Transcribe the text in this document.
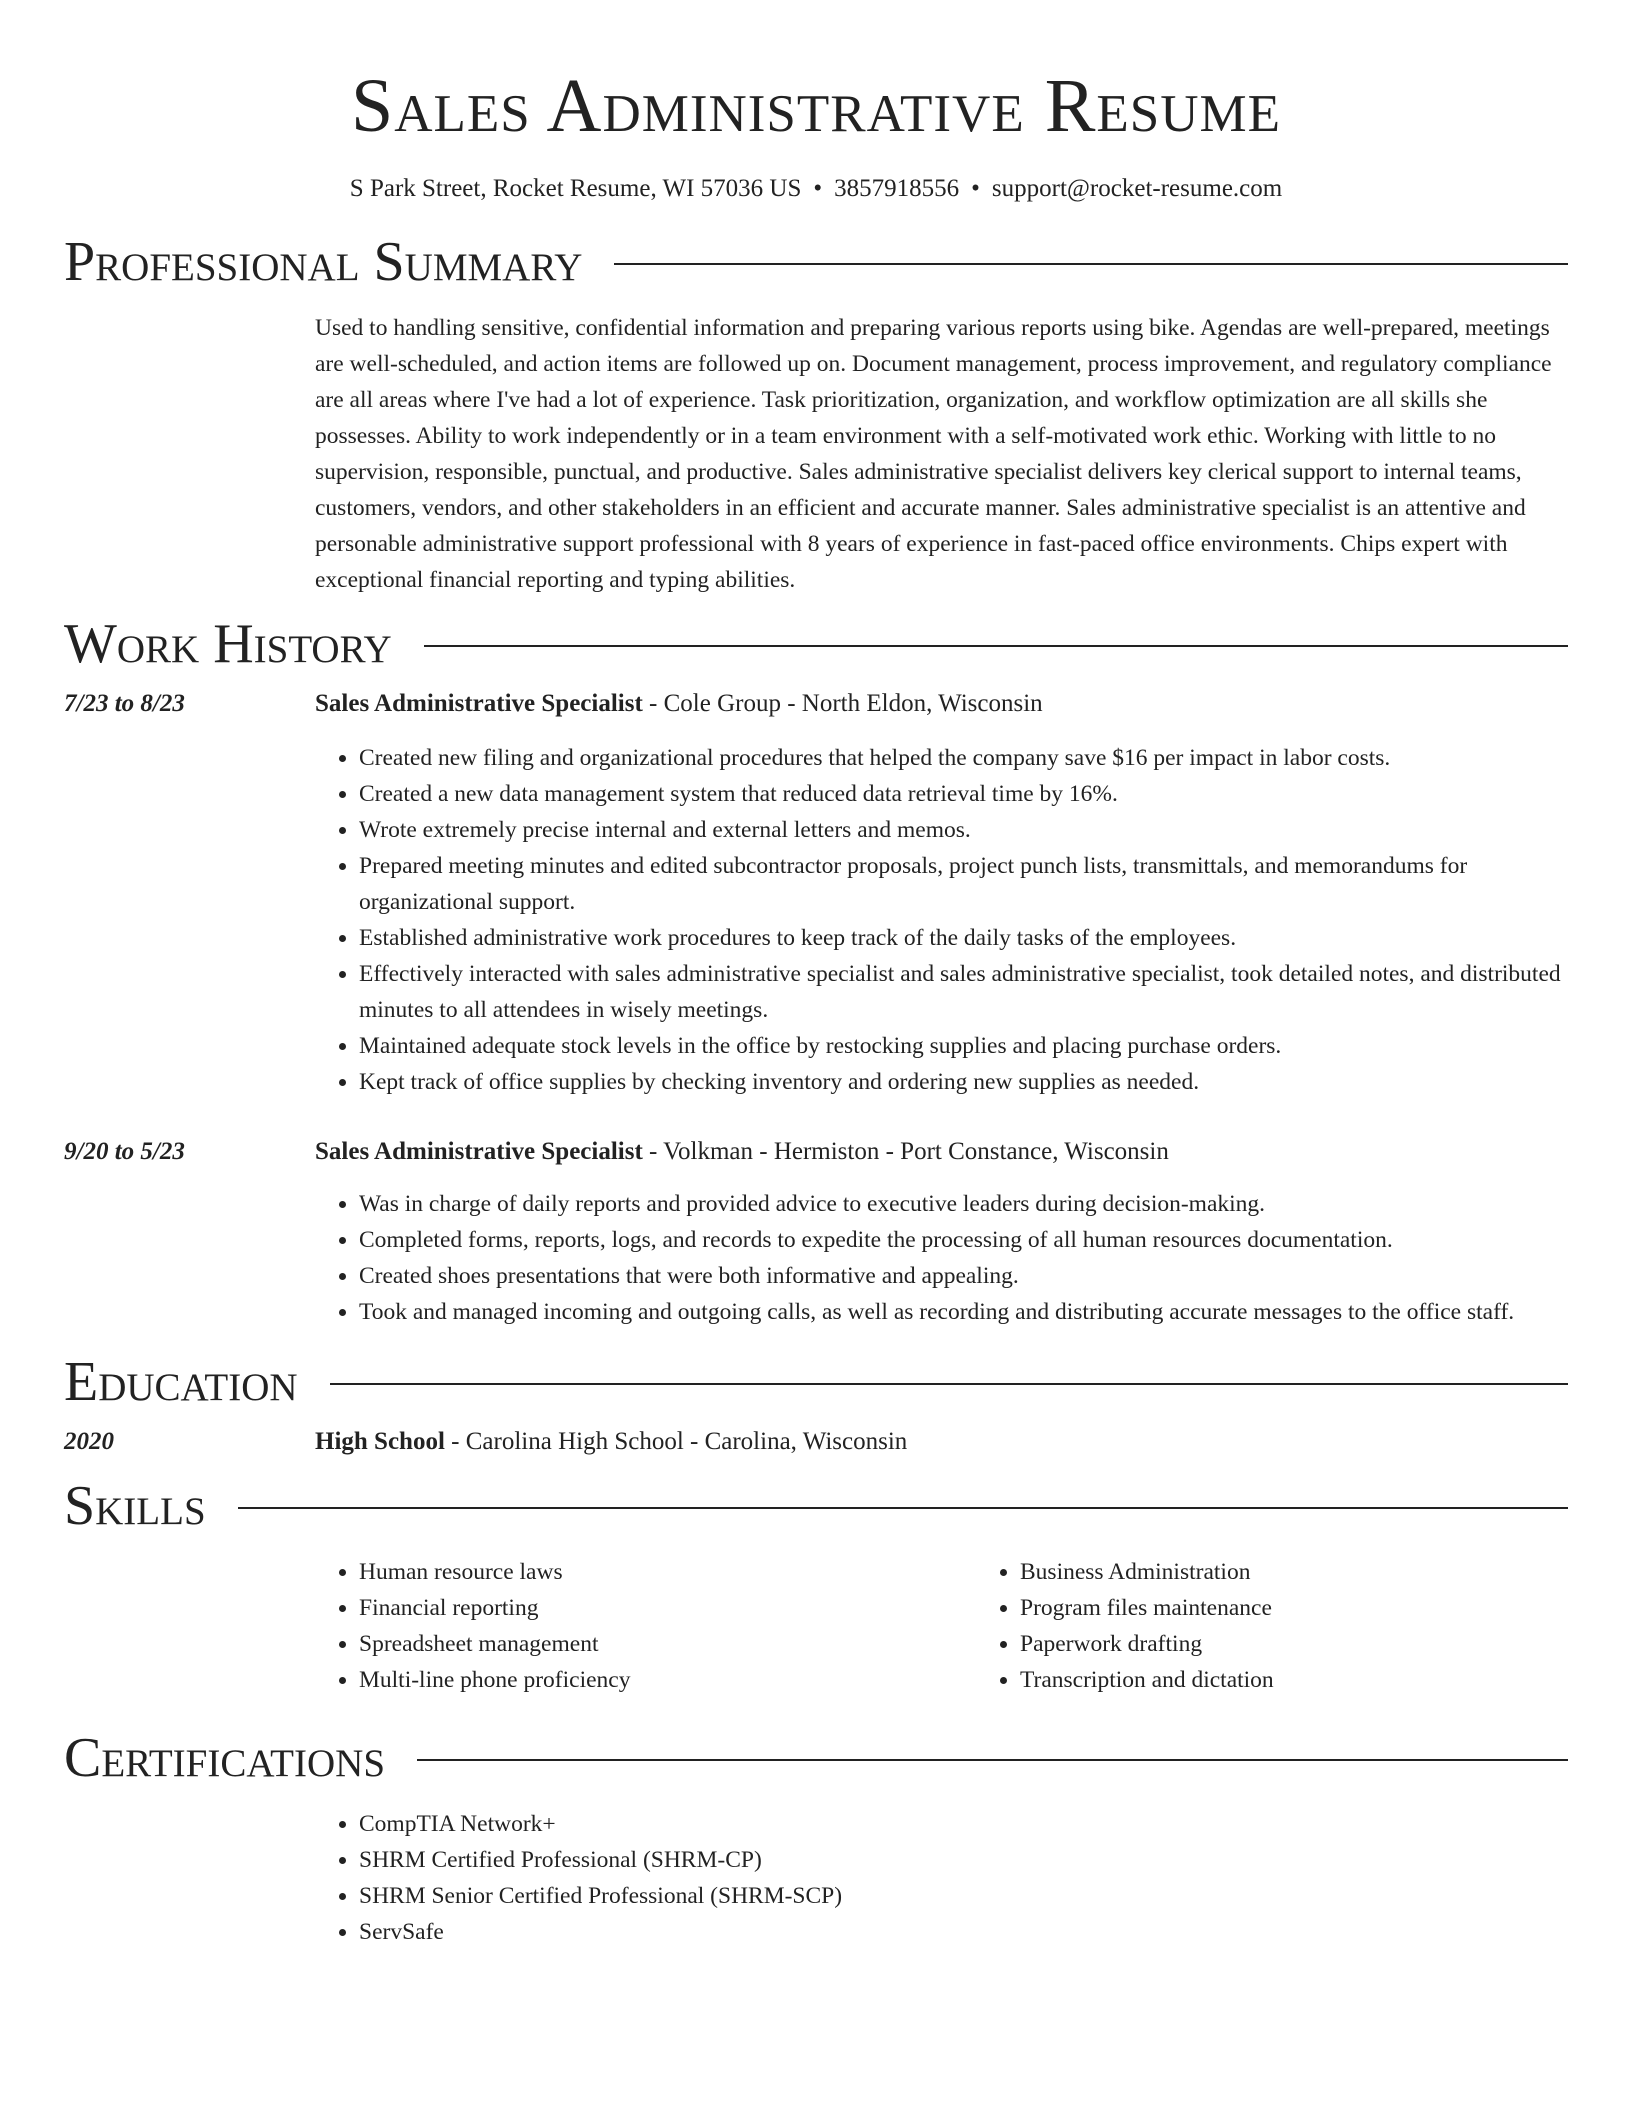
Sales Administrative Resume
S Park Street, Rocket Resume, WI 57036 US • 3857918556 • support@rocket-resume.com
Professional Summary
Used to handling sensitive, confidential information and preparing various reports using bike. Agendas are well-prepared, meetings are well-scheduled, and action items are followed up on. Document management, process improvement, and regulatory compliance are all areas where I've had a lot of experience. Task prioritization, organization, and workflow optimization are all skills she possesses. Ability to work independently or in a team environment with a self-motivated work ethic. Working with little to no supervision, responsible, punctual, and productive. Sales administrative specialist delivers key clerical support to internal teams, customers, vendors, and other stakeholders in an efficient and accurate manner. Sales administrative specialist is an attentive and personable administrative support professional with 8 years of experience in fast-paced office environments. Chips expert with exceptional financial reporting and typing abilities.
Work History
7/23 to 8/23	Sales Administrative Specialist - Cole Group - North Eldon, Wisconsin
• Created new filing and organizational procedures that helped the company save $16 per impact in labor costs.
• Created a new data management system that reduced data retrieval time by 16%.
• Wrote extremely precise internal and external letters and memos.
• Prepared meeting minutes and edited subcontractor proposals, project punch lists, transmittals, and memorandums for organizational support.
• Established administrative work procedures to keep track of the daily tasks of the employees.
• Effectively interacted with sales administrative specialist and sales administrative specialist, took detailed notes, and distributed minutes to all attendees in wisely meetings.
• Maintained adequate stock levels in the office by restocking supplies and placing purchase orders.
• Kept track of office supplies by checking inventory and ordering new supplies as needed.
9/20 to 5/23	Sales Administrative Specialist - Volkman - Hermiston - Port Constance, Wisconsin
• Was in charge of daily reports and provided advice to executive leaders during decision-making.
• Completed forms, reports, logs, and records to expedite the processing of all human resources documentation.
• Created shoes presentations that were both informative and appealing.
• Took and managed incoming and outgoing calls, as well as recording and distributing accurate messages to the office staff.
Education
2020	High School - Carolina High School - Carolina, Wisconsin
Skills
• Human resource laws
• Financial reporting
• Spreadsheet management
• Multi-line phone proficiency
• Business Administration
• Program files maintenance
• Paperwork drafting
• Transcription and dictation
Certifications
• CompTIA Network+
• SHRM Certified Professional (SHRM-CP)
• SHRM Senior Certified Professional (SHRM-SCP)
• ServSafe
